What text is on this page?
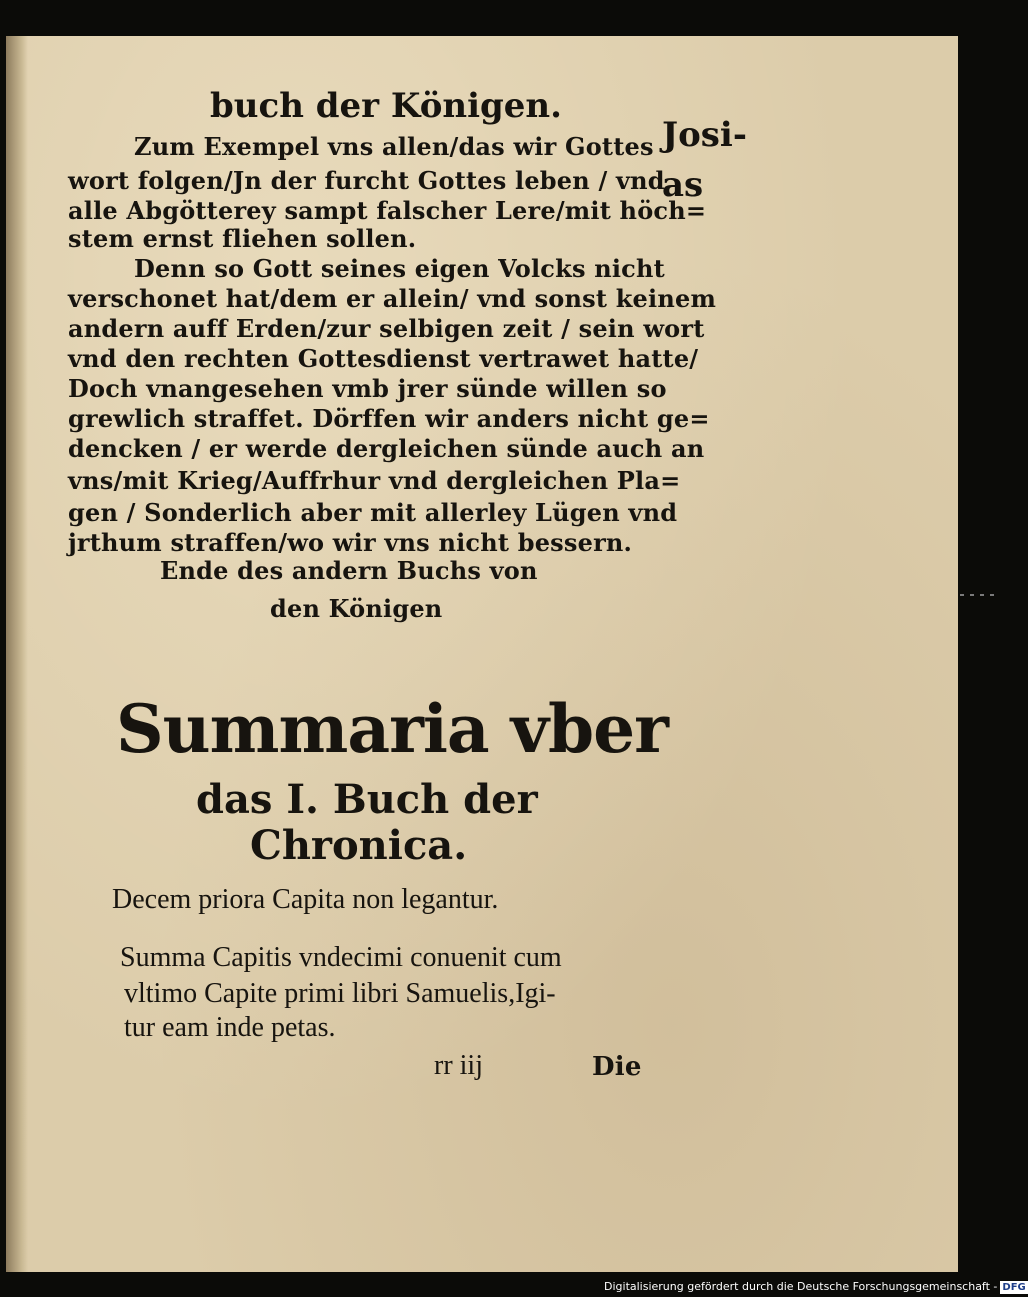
buch der Königen.
Josi-
as
Zum Exempel vns allen/das wir Gottes
wort folgen/Jn der furcht Gottes leben / vnd
alle Abgötterey sampt falscher Lere/mit höch=
stem ernst fliehen sollen.
Denn so Gott seines eigen Volcks nicht
verschonet hat/dem er allein/ vnd sonst keinem
andern auff Erden/zur selbigen zeit / sein wort
vnd den rechten Gottesdienst vertrawet hatte/
Doch vnangesehen vmb jrer sünde willen so
grewlich straffet. Dörffen wir anders nicht ge=
dencken / er werde dergleichen sünde auch an
vns/mit Krieg/Auffrhur vnd dergleichen Pla=
gen / Sonderlich aber mit allerley Lügen vnd
jrthum straffen/wo wir vns nicht bessern.
Ende des andern Buchs von
den Königen
Summaria vber
das I. Buch der
Chronica.
Decem priora Capita non legantur.
Summa Capitis vndecimi conuenit cum
vltimo Capite primi libri Samuelis,Igi-
tur eam inde petas.
rr iij	Die
Digitalisierung gefördert durch die Deutsche Forschungsgemeinschaft - DFG
